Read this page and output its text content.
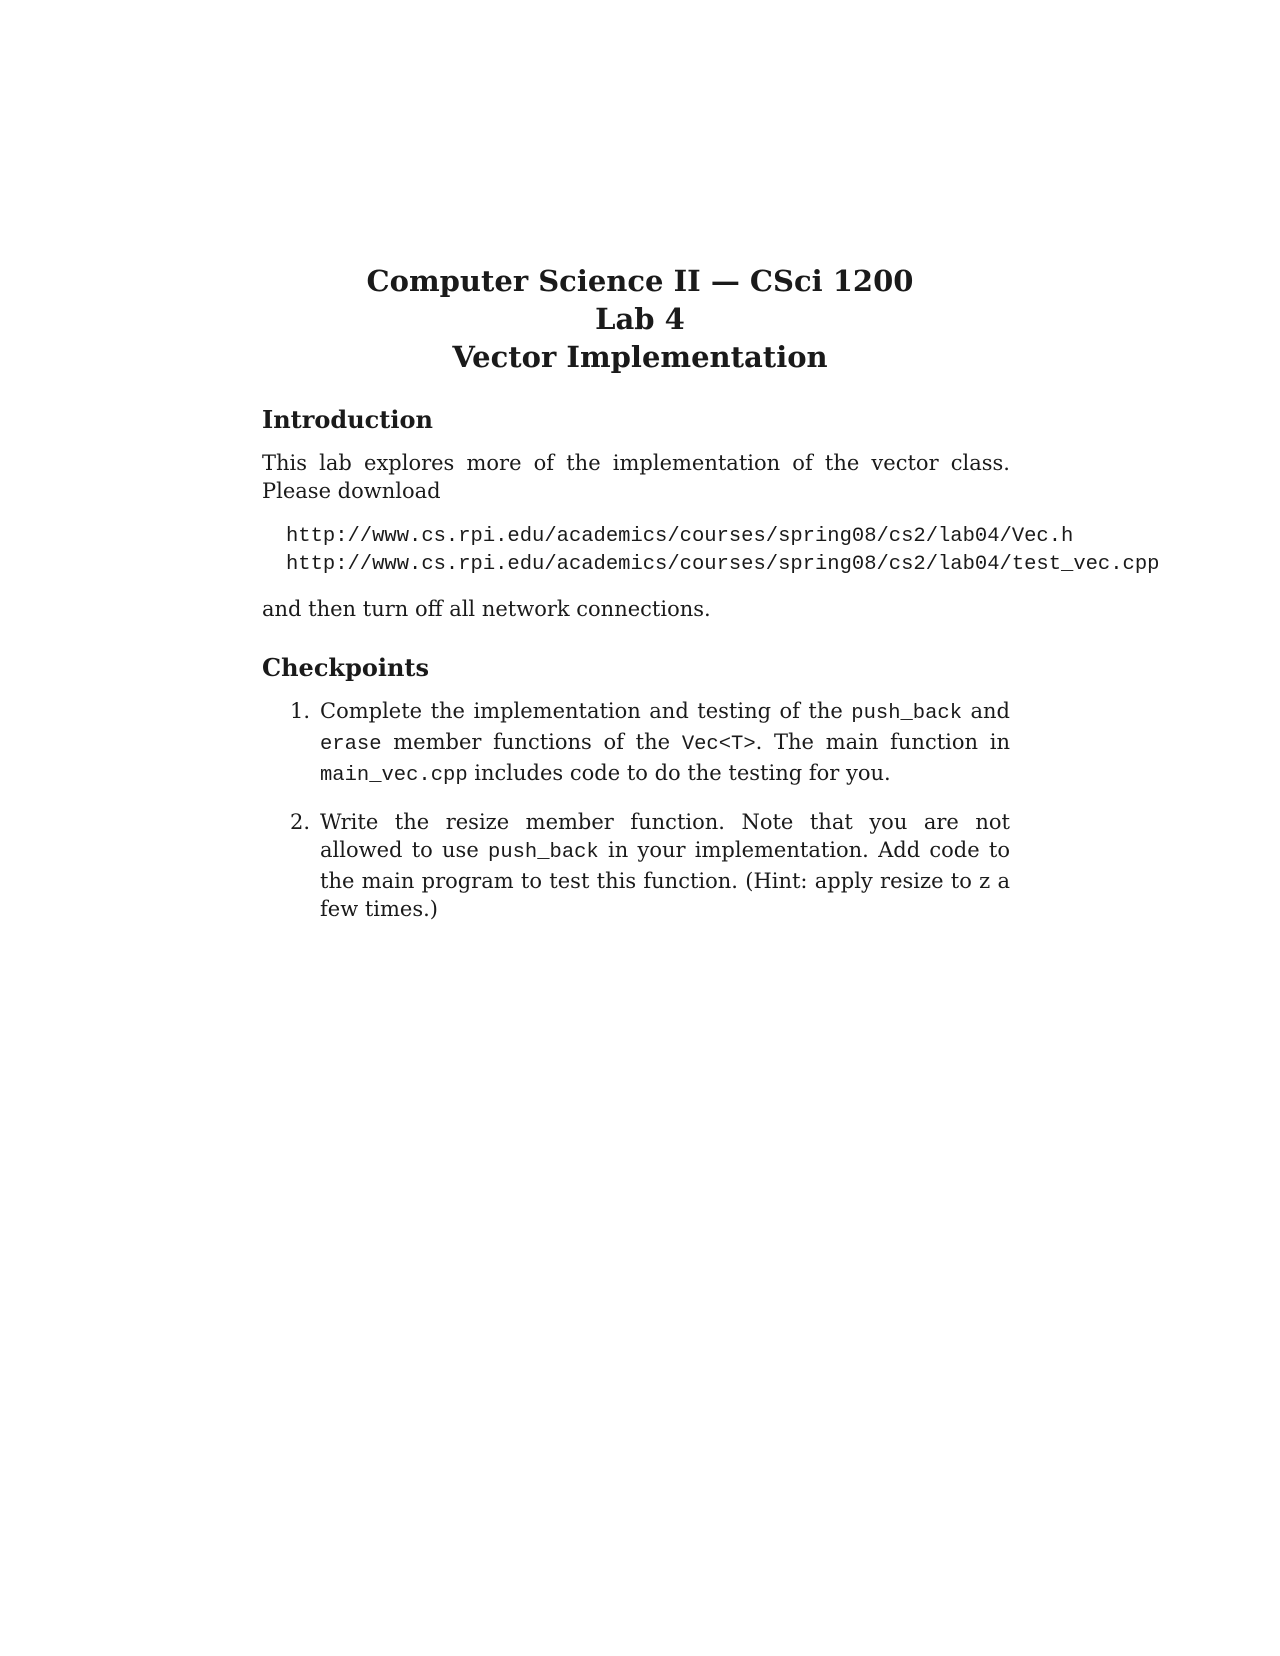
Computer Science II — CSci 1200
Lab 4
Vector Implementation
Introduction

This lab explores more of the implementation of the vector class. Please download

http://www.cs.rpi.edu/academics/courses/spring08/cs2/lab04/Vec.h
http://www.cs.rpi.edu/academics/courses/spring08/cs2/lab04/test_vec.cpp

and then turn off all network connections.

Checkpoints
1. Complete the implementation and testing of the push_back and erase member functions of the Vec<T>. The main function in main_vec.cpp includes code to do the testing for you.
2. Write the resize member function. Note that you are not allowed to use push_back in your implementation. Add code to the main program to test this function. (Hint: apply resize to z a few times.)
